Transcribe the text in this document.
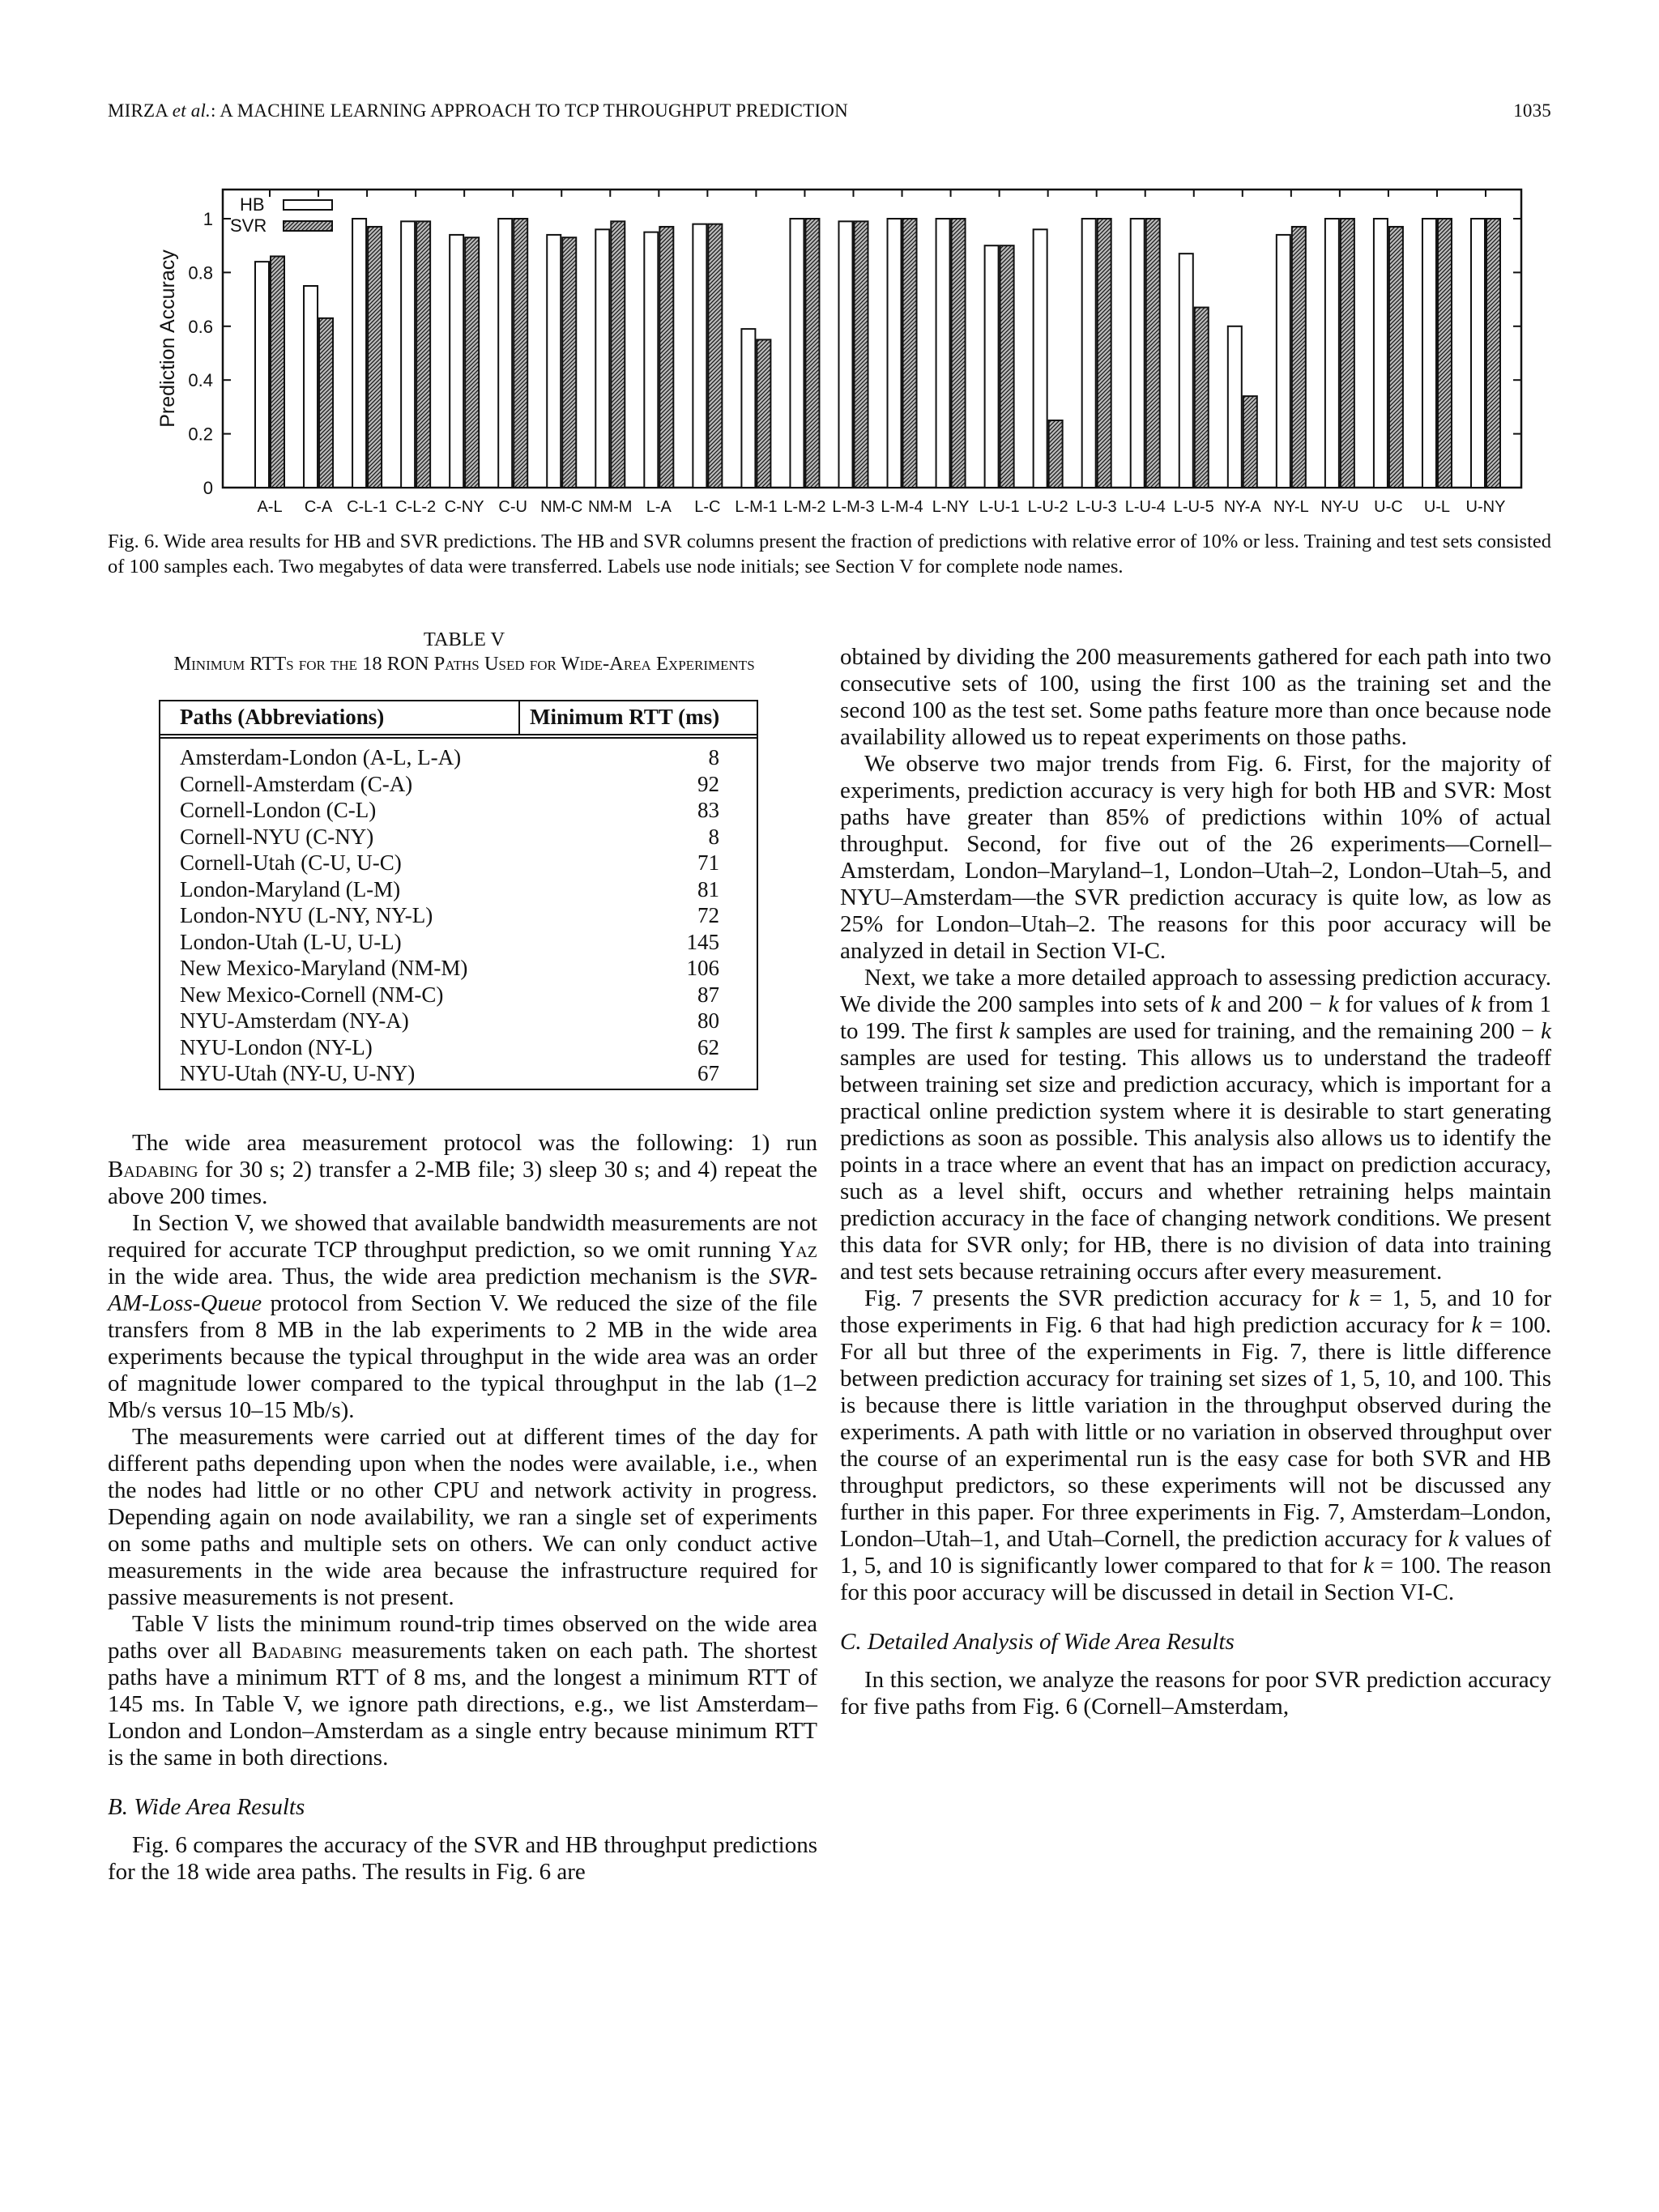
MIRZA et al.: A MACHINE LEARNING APPROACH TO TCP THROUGHPUT PREDICTION	1035
0
0.2
0.4
0.6
0.8
1
Prediction Accuracy
A-L C-A C-L-1 C-L-2 C-NY C-U NM-C NM-M L-A L-C L-M-1 L-M-2 L-M-3 L-M-4 L-NY L-U-1 L-U-2 L-U-3 L-U-4 L-U-5 NY-A NY-L NY-U U-C U-L U-NY
HB
SVR
Fig. 6. Wide area results for HB and SVR predictions. The HB and SVR columns present the fraction of predictions with relative error of 10% or less. Training and test sets consisted of 100 samples each. Two megabytes of data were transferred. Labels use node initials; see Section V for complete node names.
TABLE V
Minimum RTTs for the 18 RON Paths Used for Wide-Area Experiments
Paths (Abbreviations)	Minimum RTT (ms)
Amsterdam-London (A-L, L-A)	8
Cornell-Amsterdam (C-A)	92
Cornell-London (C-L)	83
Cornell-NYU (C-NY)	8
Cornell-Utah (C-U, U-C)	71
London-Maryland (L-M)	81
London-NYU (L-NY, NY-L)	72
London-Utah (L-U, U-L)	145
New Mexico-Maryland (NM-M)	106
New Mexico-Cornell (NM-C)	87
NYU-Amsterdam (NY-A)	80
NYU-London (NY-L)	62
NYU-Utah (NY-U, U-NY)	67

The wide area measurement protocol was the following: 1) run Badabing for 30 s; 2) transfer a 2-MB file; 3) sleep 30 s; and 4) repeat the above 200 times.

In Section V, we showed that available bandwidth measurements are not required for accurate TCP throughput prediction, so we omit running Yaz in the wide area. Thus, the wide area prediction mechanism is the SVR-AM-Loss-Queue protocol from Section V. We reduced the size of the file transfers from 8 MB in the lab experiments to 2 MB in the wide area experiments because the typical throughput in the wide area was an order of magnitude lower compared to the typical throughput in the lab (1–2 Mb/s versus 10–15 Mb/s).

The measurements were carried out at different times of the day for different paths depending upon when the nodes were available, i.e., when the nodes had little or no other CPU and network activity in progress. Depending again on node availability, we ran a single set of experiments on some paths and multiple sets on others. We can only conduct active measurements in the wide area because the infrastructure required for passive measurements is not present.

Table V lists the minimum round-trip times observed on the wide area paths over all Badabing measurements taken on each path. The shortest paths have a minimum RTT of 8 ms, and the longest a minimum RTT of 145 ms. In Table V, we ignore path directions, e.g., we list Amsterdam–London and London–Amsterdam as a single entry because minimum RTT is the same in both directions.

B. Wide Area Results

Fig. 6 compares the accuracy of the SVR and HB throughput predictions for the 18 wide area paths. The results in Fig. 6 are

obtained by dividing the 200 measurements gathered for each path into two consecutive sets of 100, using the first 100 as the training set and the second 100 as the test set. Some paths feature more than once because node availability allowed us to repeat experiments on those paths.

We observe two major trends from Fig. 6. First, for the majority of experiments, prediction accuracy is very high for both HB and SVR: Most paths have greater than 85% of predictions within 10% of actual throughput. Second, for five out of the 26 experiments—Cornell–Amsterdam, London–Maryland–1, London–Utah–2, London–Utah–5, and NYU–Amsterdam—the SVR prediction accuracy is quite low, as low as 25% for London–Utah–2. The reasons for this poor accuracy will be analyzed in detail in Section VI-C.

Next, we take a more detailed approach to assessing prediction accuracy. We divide the 200 samples into sets of k and 200 − k for values of k from 1 to 199. The first k samples are used for training, and the remaining 200 − k samples are used for testing. This allows us to understand the tradeoff between training set size and prediction accuracy, which is important for a practical online prediction system where it is desirable to start generating predictions as soon as possible. This analysis also allows us to identify the points in a trace where an event that has an impact on prediction accuracy, such as a level shift, occurs and whether retraining helps maintain prediction accuracy in the face of changing network conditions. We present this data for SVR only; for HB, there is no division of data into training and test sets because retraining occurs after every measurement.

Fig. 7 presents the SVR prediction accuracy for k = 1, 5, and 10 for those experiments in Fig. 6 that had high prediction accuracy for k = 100. For all but three of the experiments in Fig. 7, there is little difference between prediction accuracy for training set sizes of 1, 5, 10, and 100. This is because there is little variation in the throughput observed during the experiments. A path with little or no variation in observed throughput over the course of an experimental run is the easy case for both SVR and HB throughput predictors, so these experiments will not be discussed any further in this paper. For three experiments in Fig. 7, Amsterdam–London, London–Utah–1, and Utah–Cornell, the prediction accuracy for k values of 1, 5, and 10 is significantly lower compared to that for k = 100. The reason for this poor accuracy will be discussed in detail in Section VI-C.

C. Detailed Analysis of Wide Area Results

In this section, we analyze the reasons for poor SVR prediction accuracy for five paths from Fig. 6 (Cornell–Amsterdam,
